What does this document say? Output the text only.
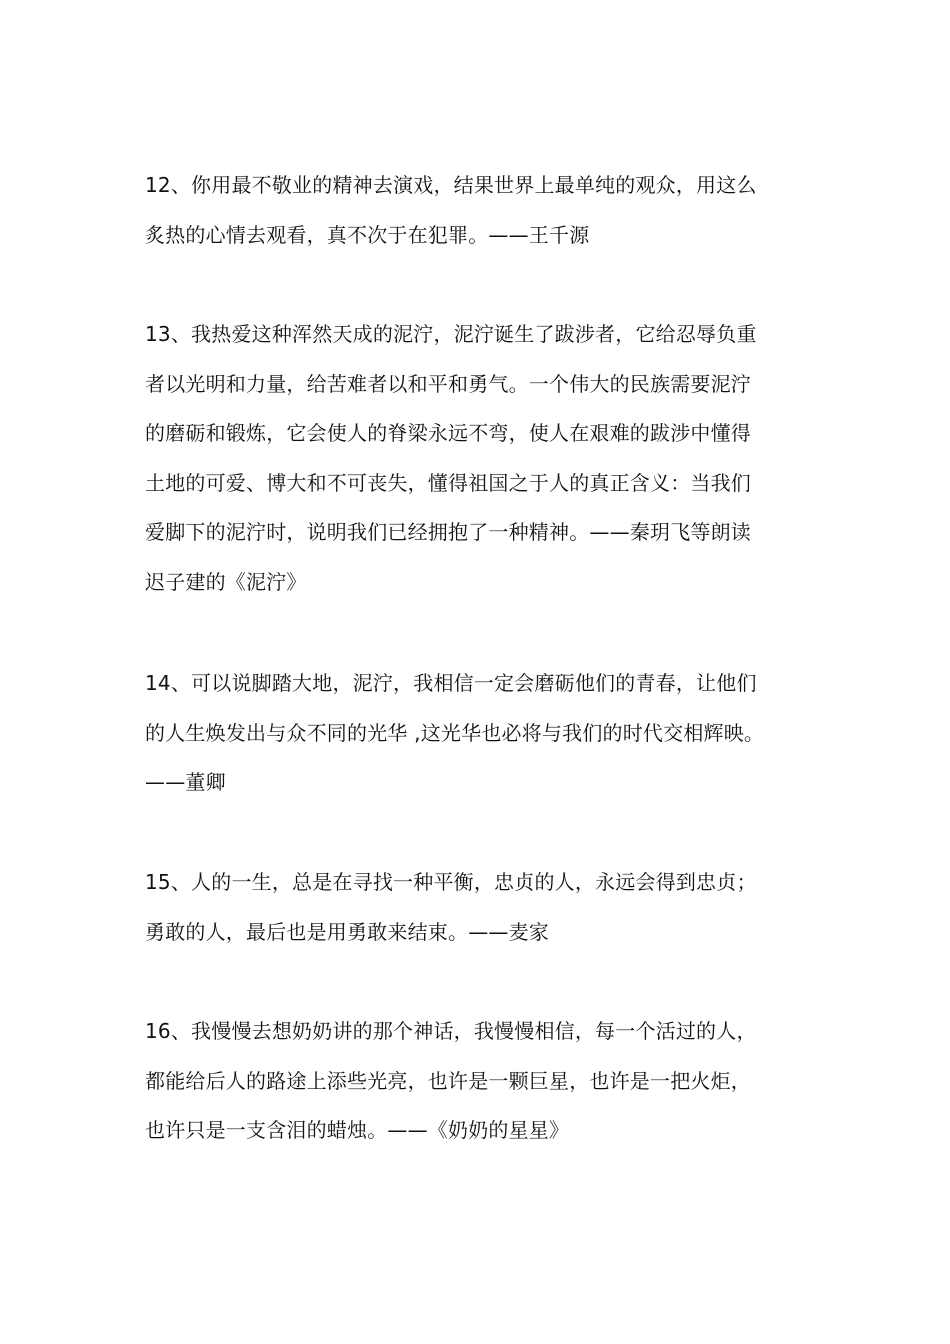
12、你用最不敬业的精神去演戏，结果世界上最单纯的观众，用这么
炙热的心情去观看，真不次于在犯罪。——王千源

13、我热爱这种浑然天成的泥泞，泥泞诞生了跋涉者，它给忍辱负重
者以光明和力量，给苦难者以和平和勇气。一个伟大的民族需要泥泞
的磨砺和锻炼，它会使人的脊梁永远不弯，使人在艰难的跋涉中懂得
土地的可爱、博大和不可丧失，懂得祖国之于人的真正含义：当我们
爱脚下的泥泞时，说明我们已经拥抱了一种精神。——秦玥飞等朗读
迟子建的《泥泞》

14、可以说脚踏大地，泥泞，我相信一定会磨砺他们的青春，让他们
的人生焕发出与众不同的光华 ,这光华也必将与我们的时代交相辉映。
——董卿

15、人的一生，总是在寻找一种平衡，忠贞的人，永远会得到忠贞；
勇敢的人，最后也是用勇敢来结束。——麦家

16、我慢慢去想奶奶讲的那个神话，我慢慢相信，每一个活过的人，
都能给后人的路途上添些光亮，也许是一颗巨星，也许是一把火炬，
也许只是一支含泪的蜡烛。——《奶奶的星星》
